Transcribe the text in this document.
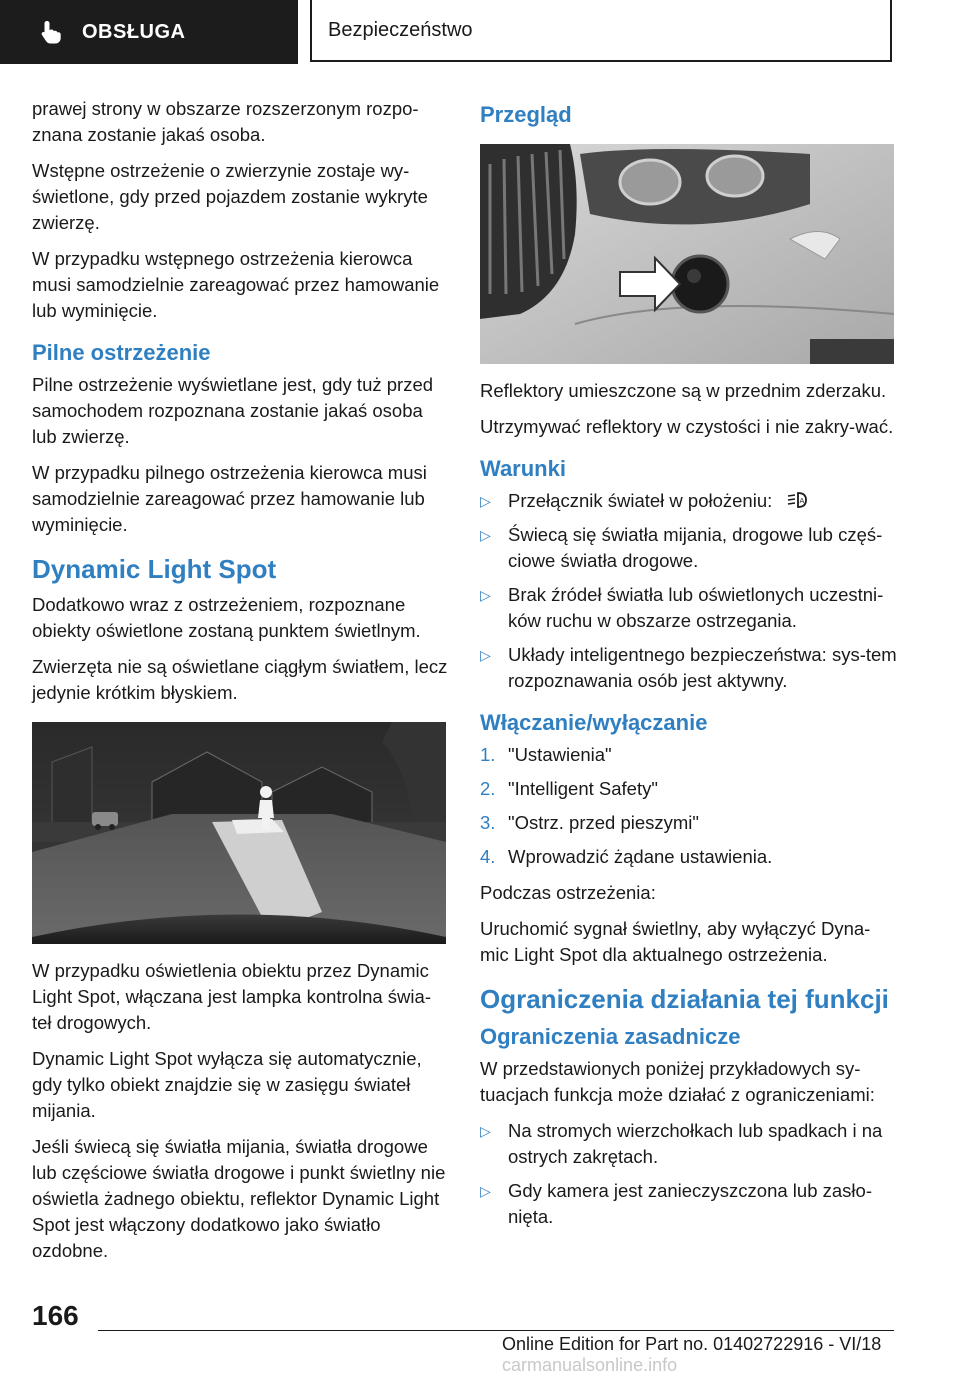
OBSŁUGA	Bezpieczeństwo

prawej strony w obszarze rozszerzonym rozpo-znana zostanie jakaś osoba.

Wstępne ostrzeżenie o zwierzynie zostaje wy-świetlone, gdy przed pojazdem zostanie wykryte zwierzę.

W przypadku wstępnego ostrzeżenia kierowca musi samodzielnie zareagować przez hamowanie lub wyminięcie.

Pilne ostrzeżenie

Pilne ostrzeżenie wyświetlane jest, gdy tuż przed samochodem rozpoznana zostanie jakaś osoba lub zwierzę.

W przypadku pilnego ostrzeżenia kierowca musi samodzielnie zareagować przez hamowanie lub wyminięcie.

Dynamic Light Spot

Dodatkowo wraz z ostrzeżeniem, rozpoznane obiekty oświetlone zostaną punktem świetlnym.

Zwierzęta nie są oświetlane ciągłym światłem, lecz jedynie krótkim błyskiem.

W przypadku oświetlenia obiektu przez Dynamic Light Spot, włączana jest lampka kontrolna świa-teł drogowych.

Dynamic Light Spot wyłącza się automatycznie, gdy tylko obiekt znajdzie się w zasięgu świateł mijania.

Jeśli świecą się światła mijania, światła drogowe lub częściowe światła drogowe i punkt świetlny nie oświetla żadnego obiektu, reflektor Dynamic Light Spot jest włączony dodatkowo jako światło ozdobne.

Przegląd

Reflektory umieszczone są w przednim zderzaku.

Utrzymywać reflektory w czystości i nie zakry-wać.

Warunki
▷ Przełącznik świateł w położeniu:	A
▷ Świecą się światła mijania, drogowe lub częś-ciowe światła drogowe.
▷ Brak źródeł światła lub oświetlonych uczestni-ków ruchu w obszarze ostrzegania.
▷ Układy inteligentnego bezpieczeństwa: sys-tem rozpoznawania osób jest aktywny.
Włączanie/wyłączanie
1. "Ustawienia"
2. "Intelligent Safety"
3. "Ostrz. przed pieszymi"
4. Wprowadzić żądane ustawienia.

Podczas ostrzeżenia:

Uruchomić sygnał świetlny, aby wyłączyć Dyna-mic Light Spot dla aktualnego ostrzeżenia.

Ograniczenia działania tej funkcji
Ograniczenia zasadnicze

W przedstawionych poniżej przykładowych sy-tuacjach funkcja może działać z ograniczeniami:

▷ Na stromych wierzchołkach lub spadkach i na ostrych zakrętach.
▷ Gdy kamera jest zanieczyszczona lub zasło-nięta.
166
Online Edition for Part no. 01402722916 - VI/18 carmanualsonline.info
